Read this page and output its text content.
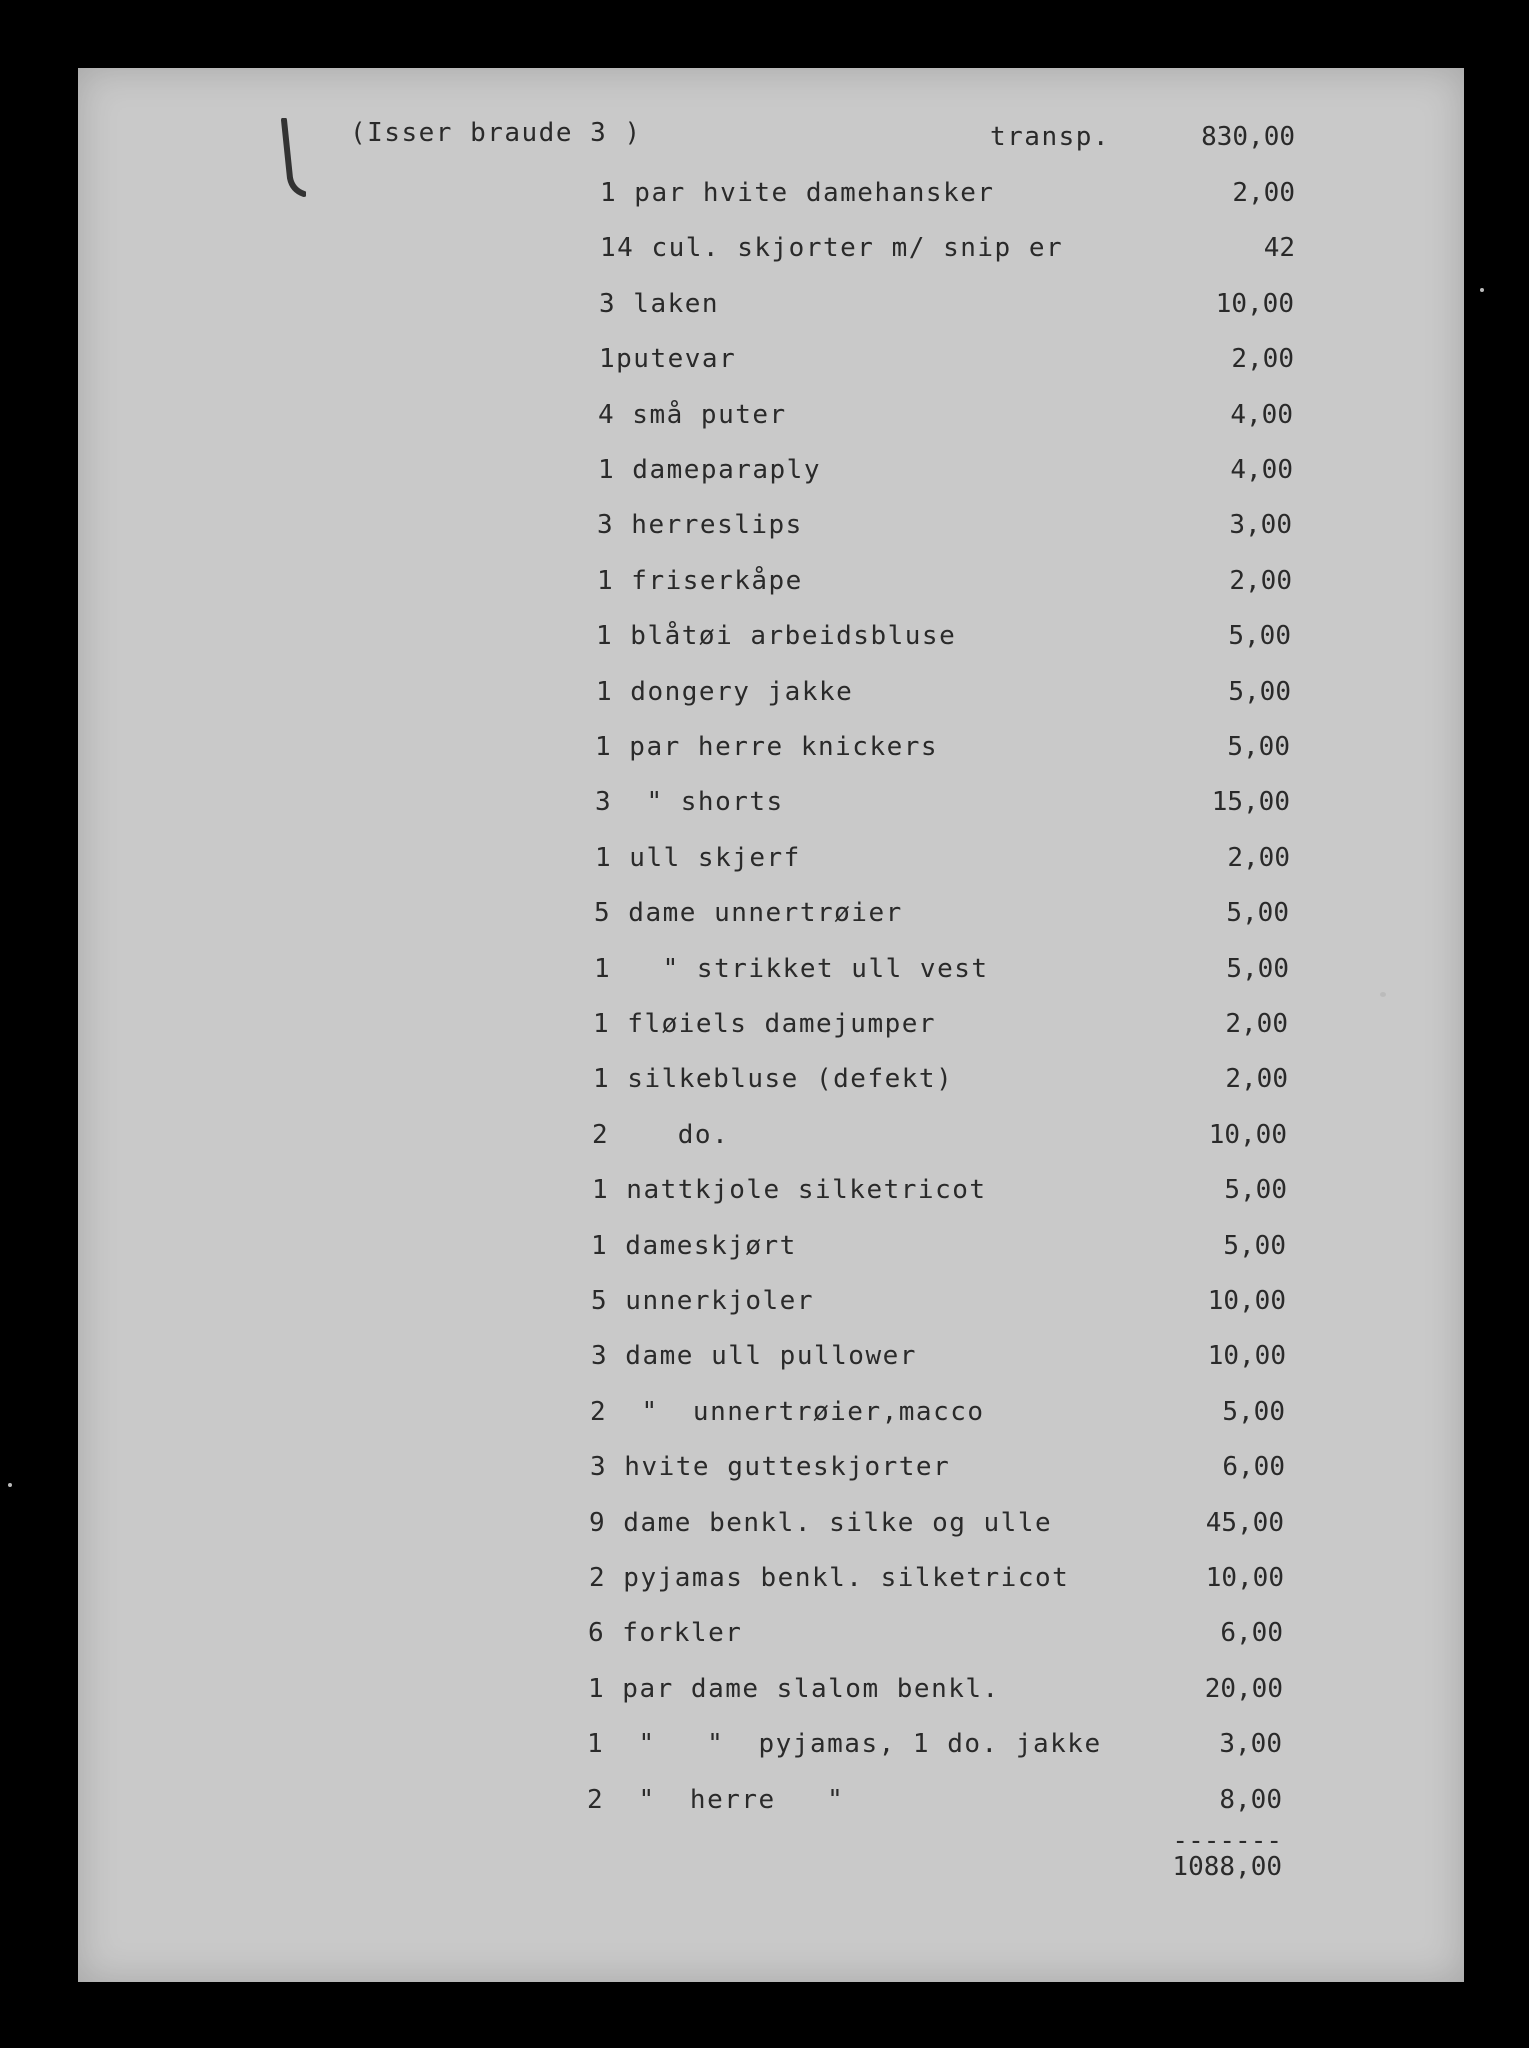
(Isser braude 3 )	transp.	830,00
1 par hvite damehansker	2,00
14 cul. skjorter m/ snip er	42
3 laken	10,00
1putevar	2,00
4 små puter	4,00
1 dameparaply	4,00
3 herreslips	3,00
1 friserkåpe	2,00
1 blåtøi arbeidsbluse	5,00
1 dongery jakke	5,00
1 par herre knickers	5,00
3  " shorts	15,00
1 ull skjerf	2,00
5 dame unnertrøier	5,00
1   " strikket ull vest	5,00
1 fløiels damejumper	2,00
1 silkebluse (defekt)	2,00
2    do.	10,00
1 nattkjole silketricot	5,00
1 dameskjørt	5,00
5 unnerkjoler	10,00
3 dame ull pullower	10,00
2  "  unnertrøier,macco	5,00
3 hvite gutteskjorter	6,00
9 dame benkl. silke og ulle	45,00
2 pyjamas benkl. silketricot	10,00
6 forkler	6,00
1 par dame slalom benkl.	20,00
1  "   "  pyjamas, 1 do. jakke	3,00
2  "  herre   "	8,00
-------
1088,00
